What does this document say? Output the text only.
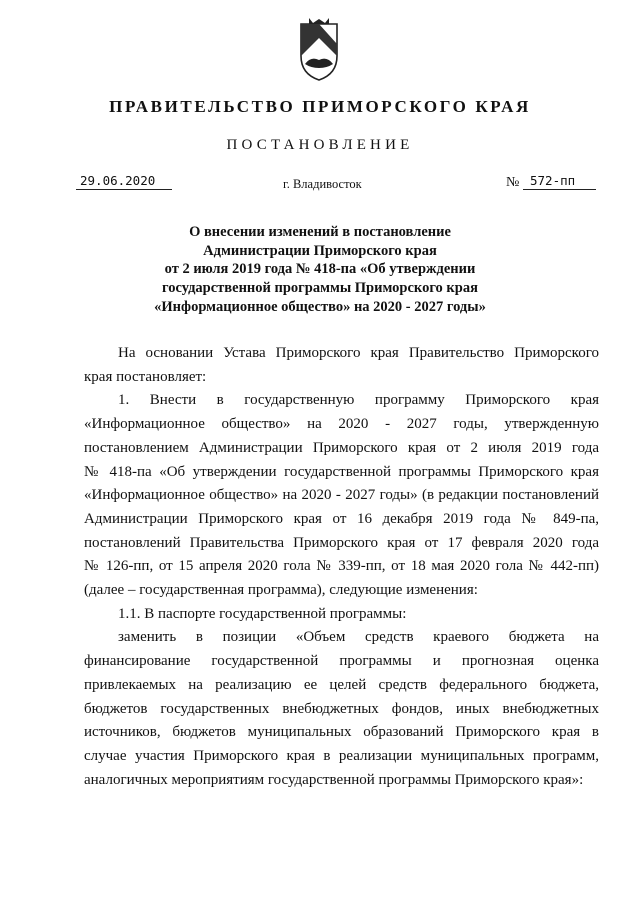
ПРАВИТЕЛЬСТВО ПРИМОРСКОГО КРАЯ
ПОСТАНОВЛЕНИЕ
29.06.2020	г. Владивосток	№ 572-пп
О внесении изменений в постановление
Администрации Приморского края
от 2 июля 2019 года № 418-па «Об утверждении
государственной программы Приморского края
«Информационное общество» на 2020 - 2027 годы»
На основании Устава Приморского края Правительство Приморского
края постановляет:
1. Внести в государственную программу Приморского края
«Информационное общество» на 2020 - 2027 годы, утвержденную
постановлением Администрации Приморского края от 2 июля 2019 года
№ 418-па «Об утверждении государственной программы Приморского края
«Информационное общество» на 2020 - 2027 годы» (в редакции постановлений
Администрации Приморского края от 16 декабря 2019 года № 849-па,
постановлений Правительства Приморского края от 17 февраля 2020 года
№ 126-пп, от 15 апреля 2020 гола № 339-пп, от 18 мая 2020 гола № 442-пп)
(далее – государственная программа), следующие изменения:
1.1. В паспорте государственной программы:
заменить в позиции «Объем средств краевого бюджета на
финансирование государственной программы и прогнозная оценка
привлекаемых на реализацию ее целей средств федерального бюджета,
бюджетов государственных внебюджетных фондов, иных внебюджетных
источников, бюджетов муниципальных образований Приморского края в
случае участия Приморского края в реализации муниципальных программ,
аналогичных мероприятиям государственной программы Приморского края»:
